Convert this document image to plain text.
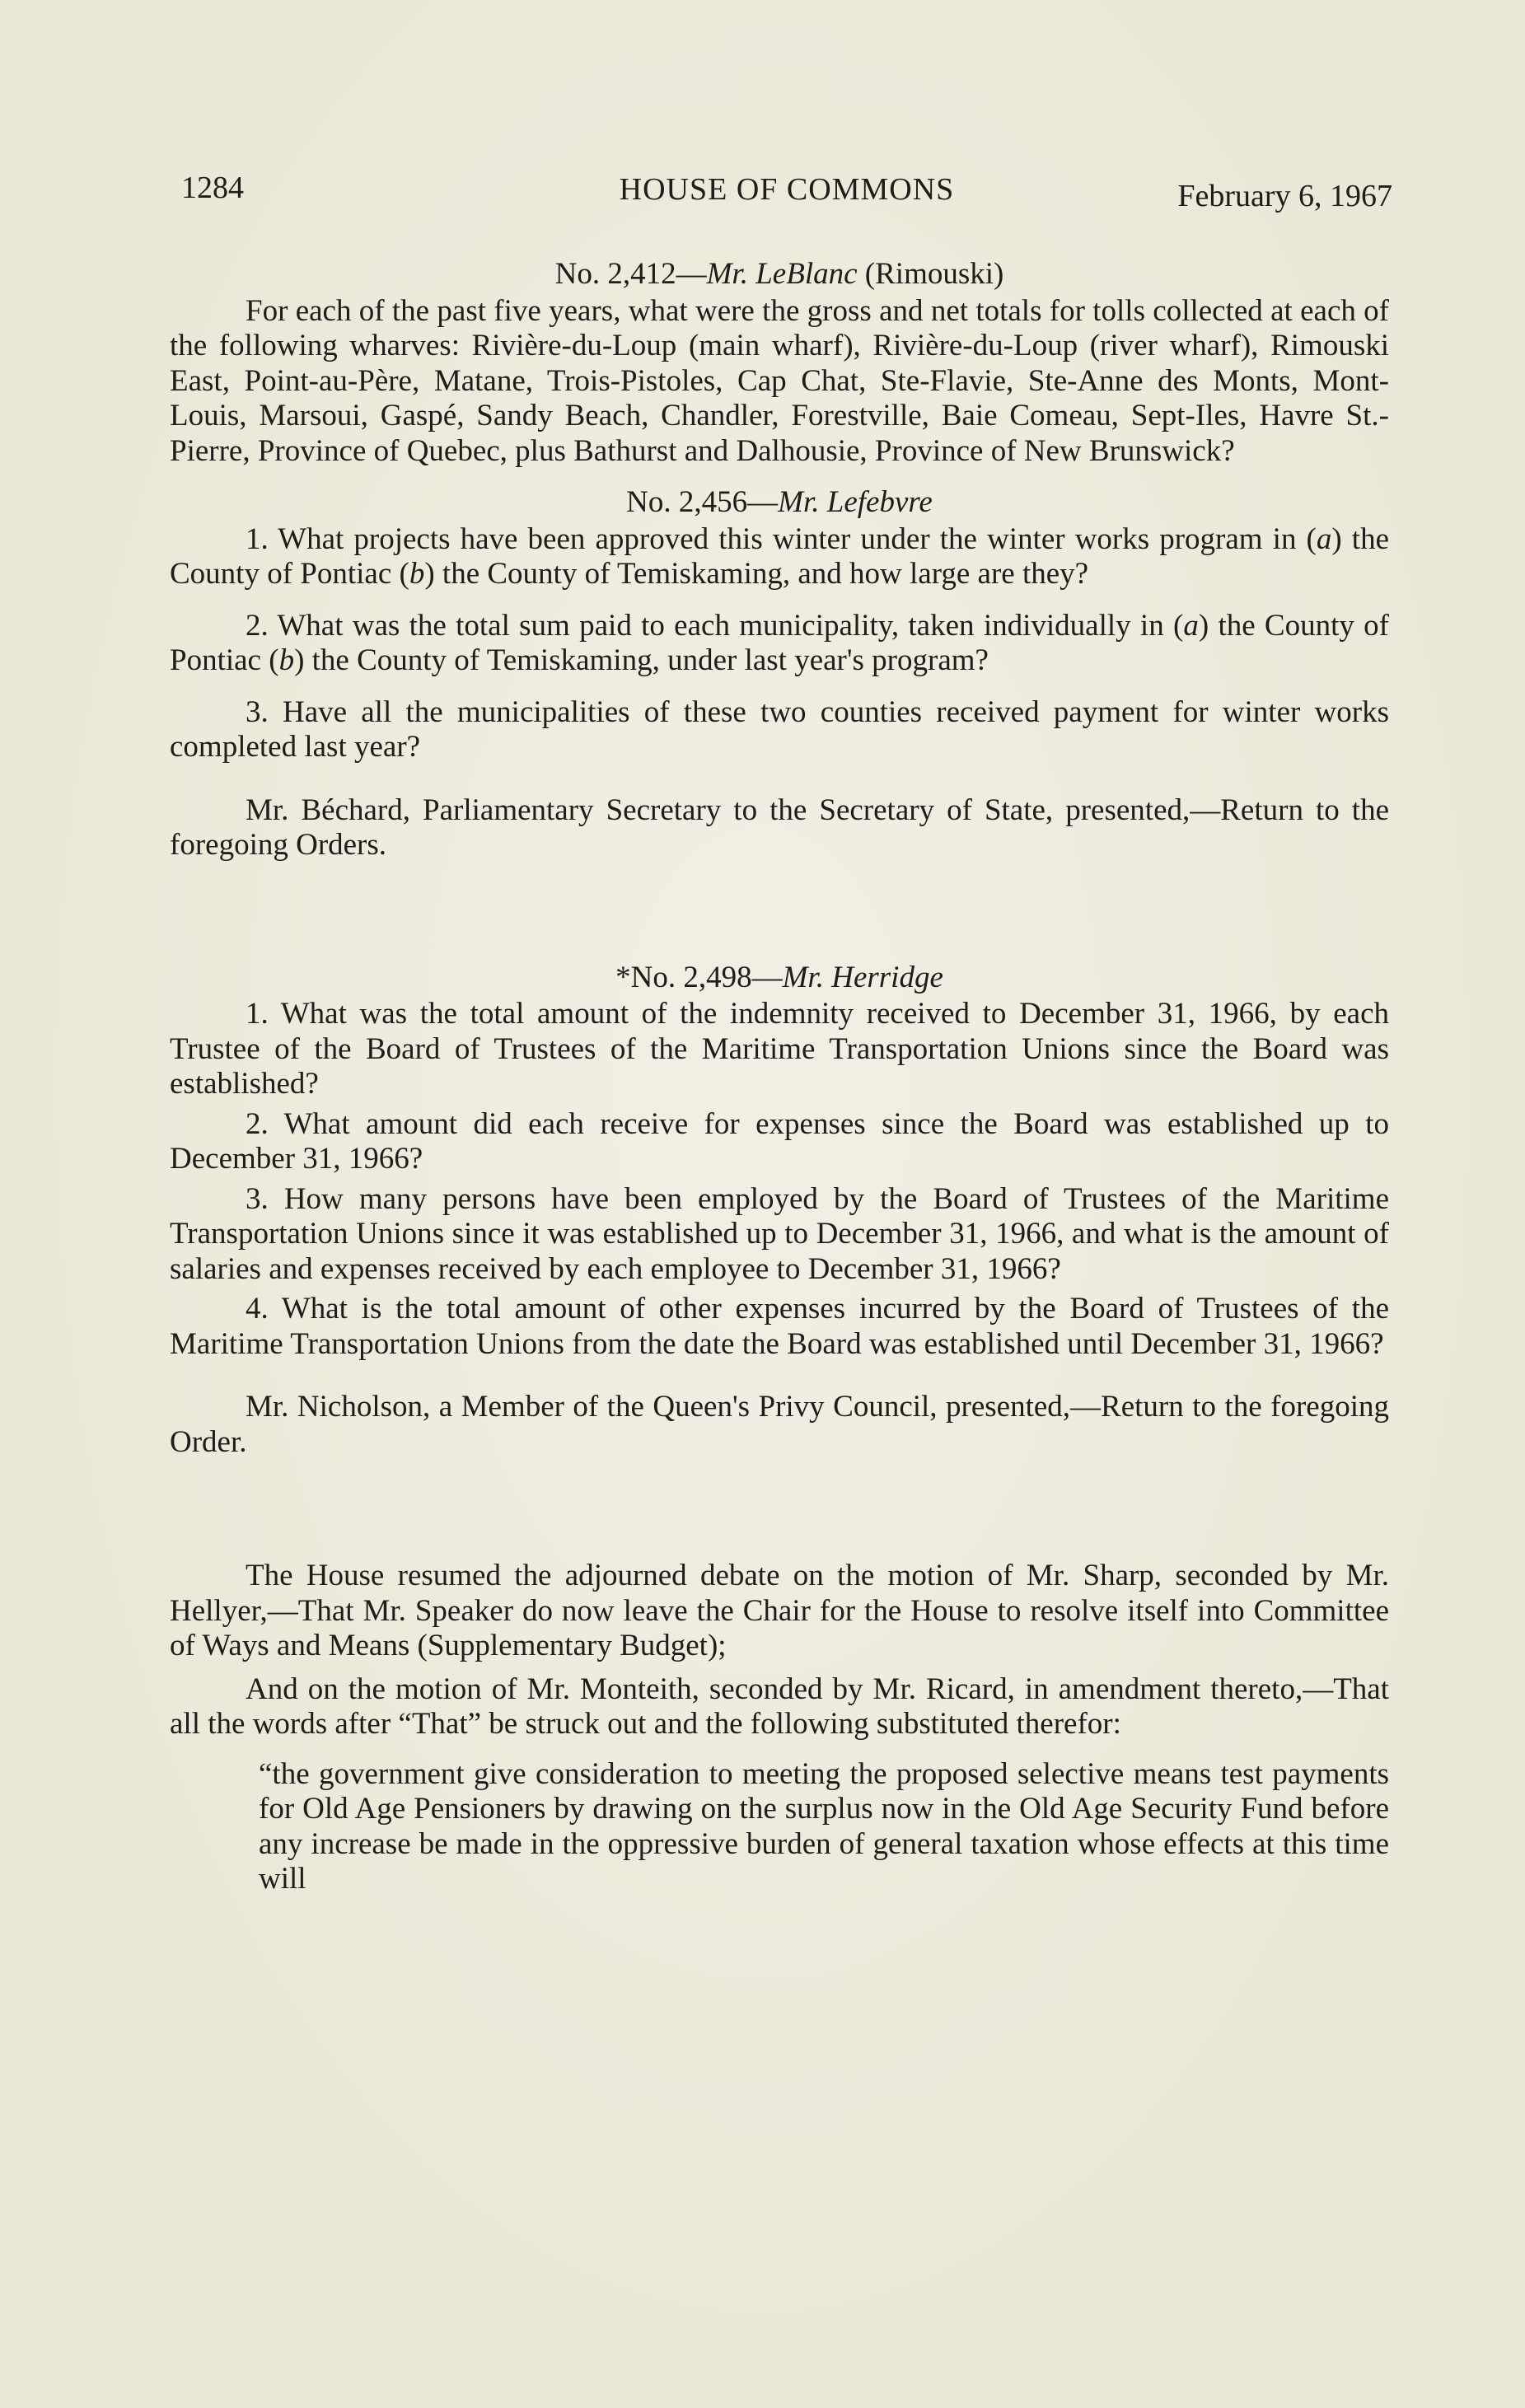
1284	HOUSE OF COMMONS	February 6, 1967
No. 2,412—Mr. LeBlanc (Rimouski)

For each of the past five years, what were the gross and net totals for tolls collected at each of the following wharves: Rivière-du-Loup (main wharf), Rivière-du-Loup (river wharf), Rimouski East, Point-au-Père, Matane, Trois-Pistoles, Cap Chat, Ste-Flavie, Ste-Anne des Monts, Mont-Louis, Marsoui, Gaspé, Sandy Beach, Chandler, Forestville, Baie Comeau, Sept-Iles, Havre St.-Pierre, Province of Quebec, plus Bathurst and Dalhousie, Province of New Brunswick?

No. 2,456—Mr. Lefebvre

1. What projects have been approved this winter under the winter works program in (a) the County of Pontiac (b) the County of Temiskaming, and how large are they?

2. What was the total sum paid to each municipality, taken individually in (a) the County of Pontiac (b) the County of Temiskaming, under last year's program?

3. Have all the municipalities of these two counties received payment for winter works completed last year?

Mr. Béchard, Parliamentary Secretary to the Secretary of State, presented,—Return to the foregoing Orders.

*No. 2,498—Mr. Herridge

1. What was the total amount of the indemnity received to December 31, 1966, by each Trustee of the Board of Trustees of the Maritime Transportation Unions since the Board was established?

2. What amount did each receive for expenses since the Board was established up to December 31, 1966?

3. How many persons have been employed by the Board of Trustees of the Maritime Transportation Unions since it was established up to December 31, 1966, and what is the amount of salaries and expenses received by each employee to December 31, 1966?

4. What is the total amount of other expenses incurred by the Board of Trustees of the Maritime Transportation Unions from the date the Board was established until December 31, 1966?

Mr. Nicholson, a Member of the Queen's Privy Council, presented,—Return to the foregoing Order.

The House resumed the adjourned debate on the motion of Mr. Sharp, seconded by Mr. Hellyer,—That Mr. Speaker do now leave the Chair for the House to resolve itself into Committee of Ways and Means (Supplementary Budget);

And on the motion of Mr. Monteith, seconded by Mr. Ricard, in amendment thereto,—That all the words after “That” be struck out and the following substituted therefor:

“the government give consideration to meeting the proposed selective means test payments for Old Age Pensioners by drawing on the surplus now in the Old Age Security Fund before any increase be made in the oppressive burden of general taxation whose effects at this time will
